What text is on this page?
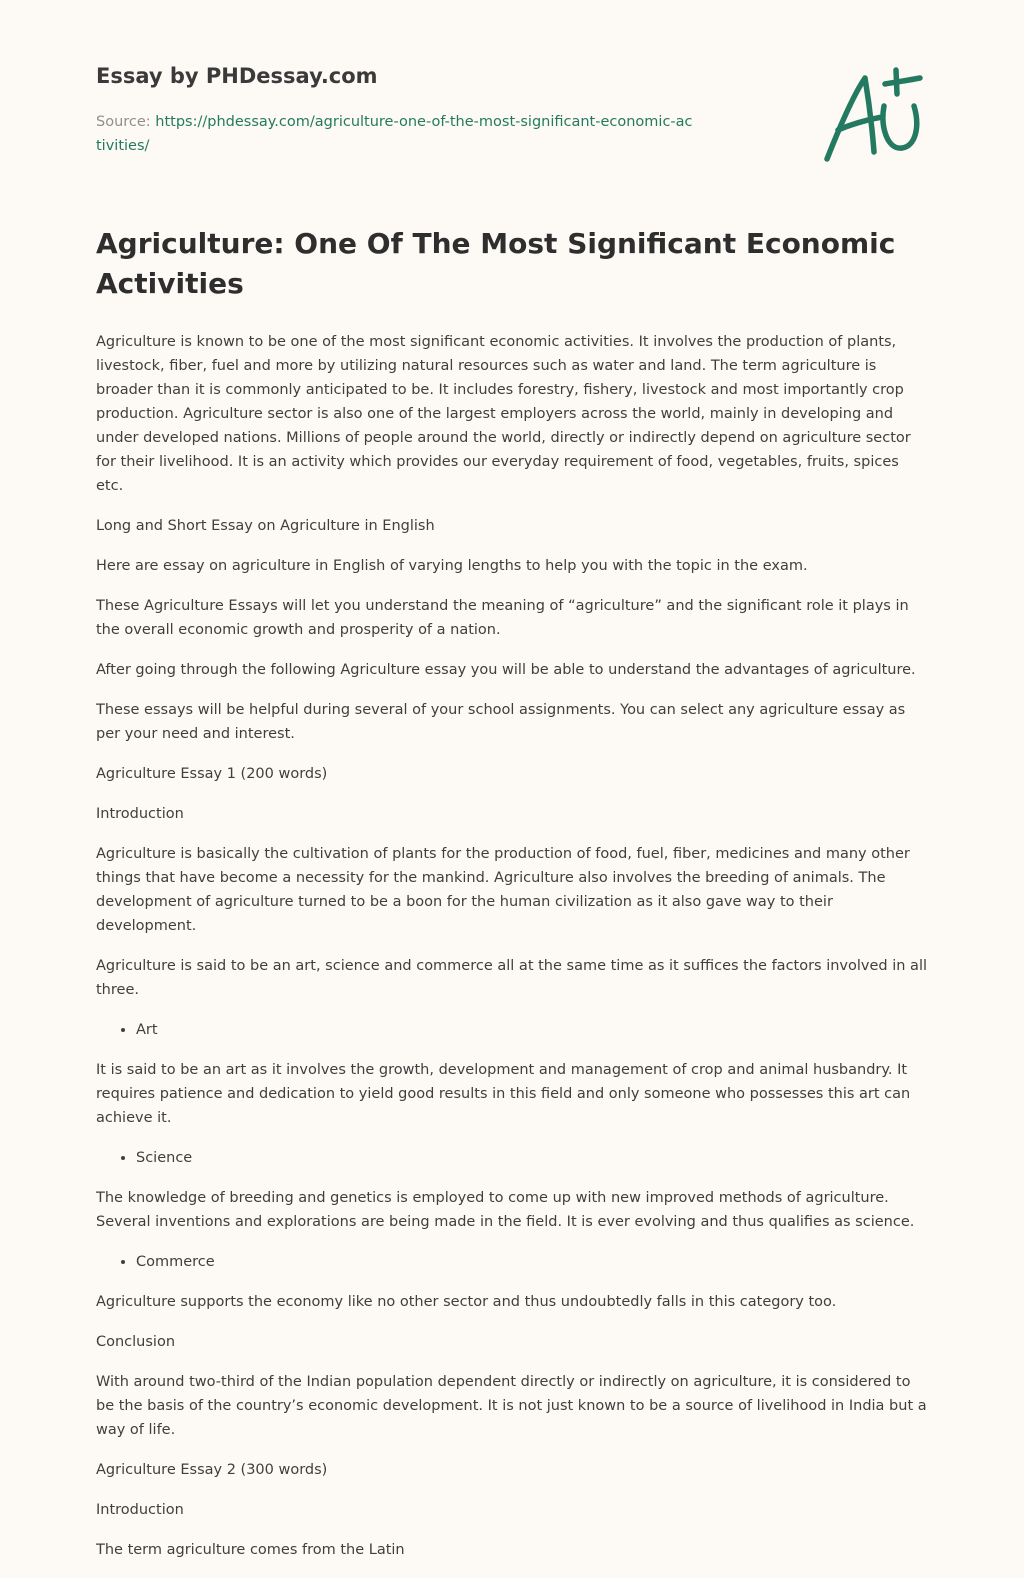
Essay by PHDessay.com
Source: https://phdessay.com/agriculture-one-of-the-most-significant-economic-activities/
Agriculture: One Of The Most Significant Economic Activities

Agriculture is known to be one of the most significant economic activities. It involves the production of plants, livestock, fiber, fuel and more by utilizing natural resources such as water and land. The term agriculture is broader than it is commonly anticipated to be. It includes forestry, fishery, livestock and most importantly crop production. Agriculture sector is also one of the largest employers across the world, mainly in developing and under developed nations. Millions of people around the world, directly or indirectly depend on agriculture sector for their livelihood. It is an activity which provides our everyday requirement of food, vegetables, fruits, spices etc.

Long and Short Essay on Agriculture in English

Here are essay on agriculture in English of varying lengths to help you with the topic in the exam.

These Agriculture Essays will let you understand the meaning of “agriculture” and the significant role it plays in the overall economic growth and prosperity of a nation.

After going through the following Agriculture essay you will be able to understand the advantages of agriculture.

These essays will be helpful during several of your school assignments. You can select any agriculture essay as per your need and interest.

Agriculture Essay 1 (200 words)

Introduction

Agriculture is basically the cultivation of plants for the production of food, fuel, fiber, medicines and many other things that have become a necessity for the mankind. Agriculture also involves the breeding of animals. The development of agriculture turned to be a boon for the human civilization as it also gave way to their development.

Agriculture is said to be an art, science and commerce all at the same time as it suffices the factors involved in all three.

• Art

It is said to be an art as it involves the growth, development and management of crop and animal husbandry. It requires patience and dedication to yield good results in this field and only someone who possesses this art can achieve it.

• Science

The knowledge of breeding and genetics is employed to come up with new improved methods of agriculture. Several inventions and explorations are being made in the field. It is ever evolving and thus qualifies as science.

• Commerce

Agriculture supports the economy like no other sector and thus undoubtedly falls in this category too.

Conclusion

With around two-third of the Indian population dependent directly or indirectly on agriculture, it is considered to be the basis of the country’s economic development. It is not just known to be a source of livelihood in India but a way of life.

Agriculture Essay 2 (300 words)

Introduction

The term agriculture comes from the Latin
